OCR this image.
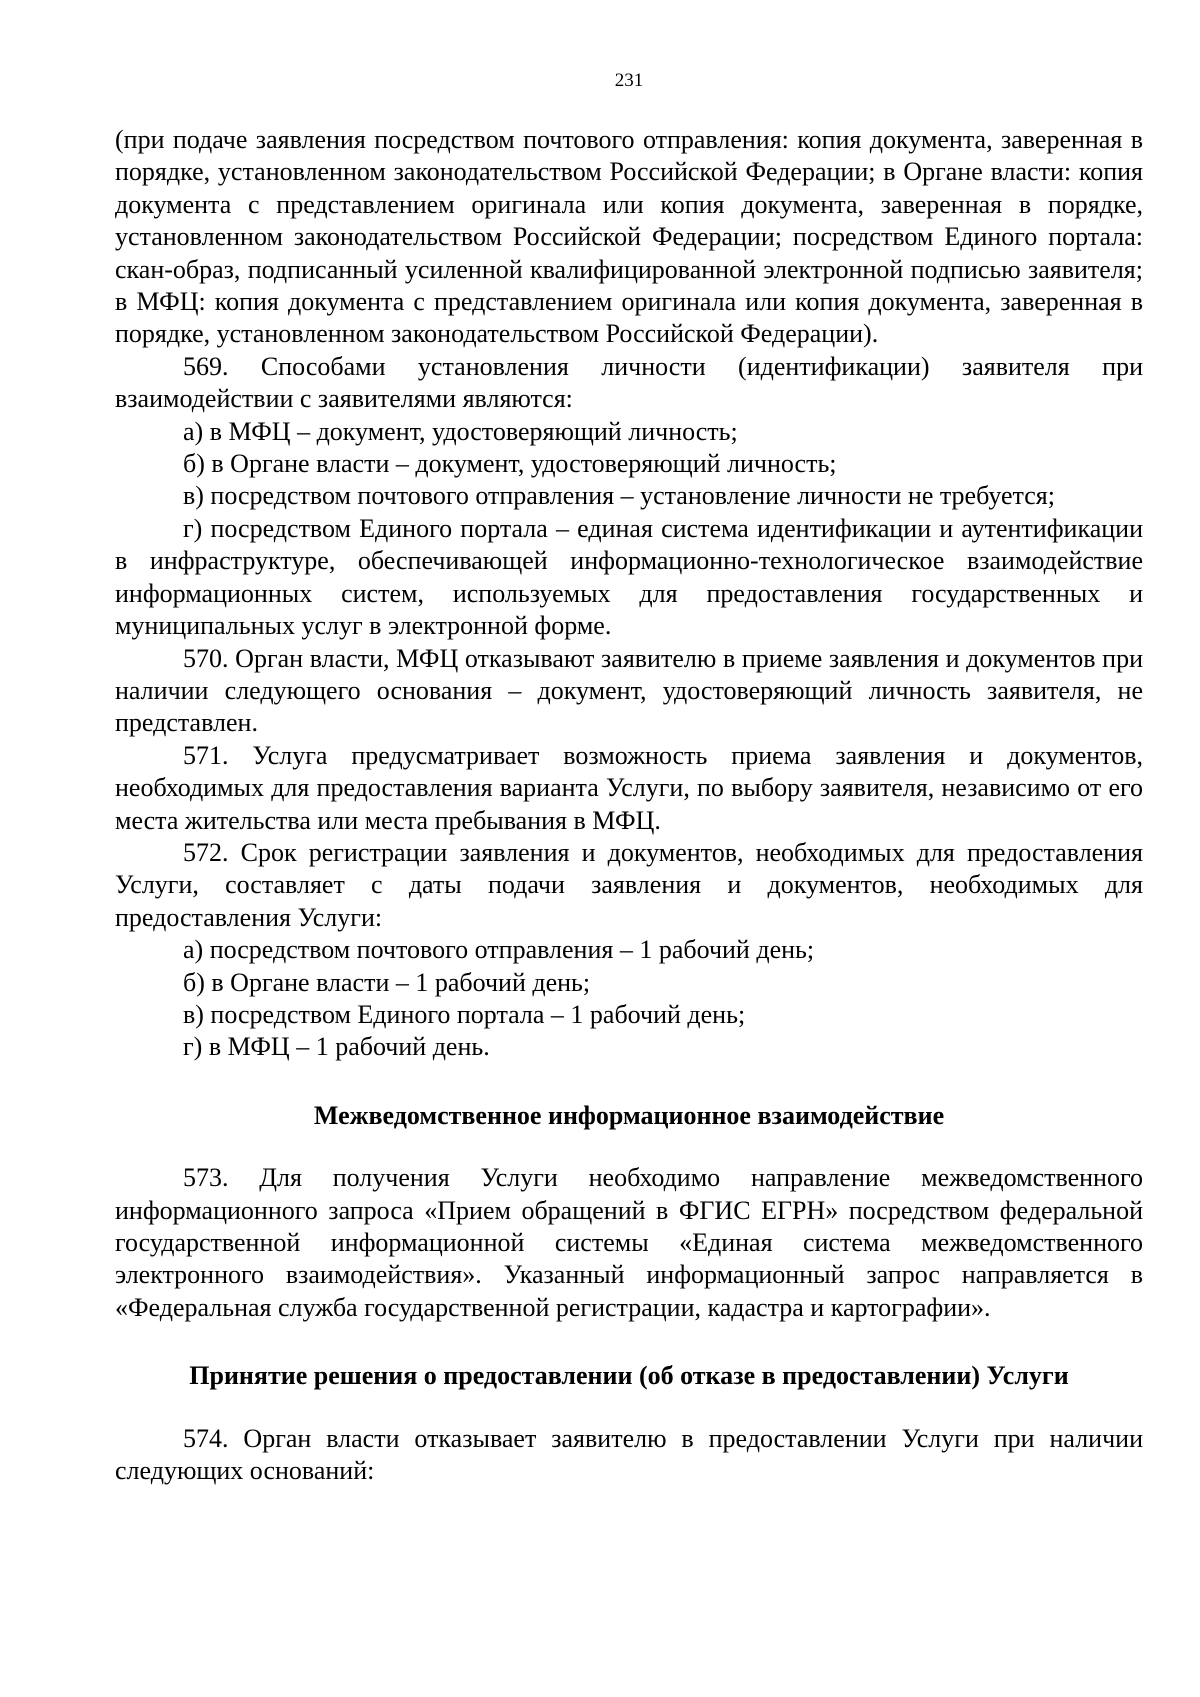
231

(при подаче заявления посредством почтового отправления: копия документа, заверенная в порядке, установленном законодательством Российской Федерации; в Органе власти: копия документа с представлением оригинала или копия документа, заверенная в порядке, установленном законодательством Российской Федерации; посредством Единого портала: скан-образ, подписанный усиленной квалифицированной электронной подписью заявителя; в МФЦ: копия документа с представлением оригинала или копия документа, заверенная в порядке, установленном законодательством Российской Федерации).

569. Способами установления личности (идентификации) заявителя при взаимодействии с заявителями являются:

а) в МФЦ – документ, удостоверяющий личность;

б) в Органе власти – документ, удостоверяющий личность;

в) посредством почтового отправления – установление личности не требуется;

г) посредством Единого портала – единая система идентификации и аутентификации в инфраструктуре, обеспечивающей информационно-технологическое взаимодействие информационных систем, используемых для предоставления государственных и муниципальных услуг в электронной форме.

570. Орган власти, МФЦ отказывают заявителю в приеме заявления и документов при наличии следующего основания – документ, удостоверяющий личность заявителя, не представлен.

571. Услуга предусматривает возможность приема заявления и документов, необходимых для предоставления варианта Услуги, по выбору заявителя, независимо от его места жительства или места пребывания в МФЦ.

572. Срок регистрации заявления и документов, необходимых для предоставления Услуги, составляет с даты подачи заявления и документов, необходимых для предоставления Услуги:

а) посредством почтового отправления – 1 рабочий день;

б) в Органе власти – 1 рабочий день;

в) посредством Единого портала – 1 рабочий день;

г) в МФЦ – 1 рабочий день.

Межведомственное информационное взаимодействие

573. Для получения Услуги необходимо направление межведомственного информационного запроса «Прием обращений в ФГИС ЕГРН» посредством федеральной государственной информационной системы «Единая система межведомственного электронного взаимодействия». Указанный информационный запрос направляется в «Федеральная служба государственной регистрации, кадастра и картографии».

Принятие решения о предоставлении (об отказе в предоставлении) Услуги

574. Орган власти отказывает заявителю в предоставлении Услуги при наличии следующих оснований:
